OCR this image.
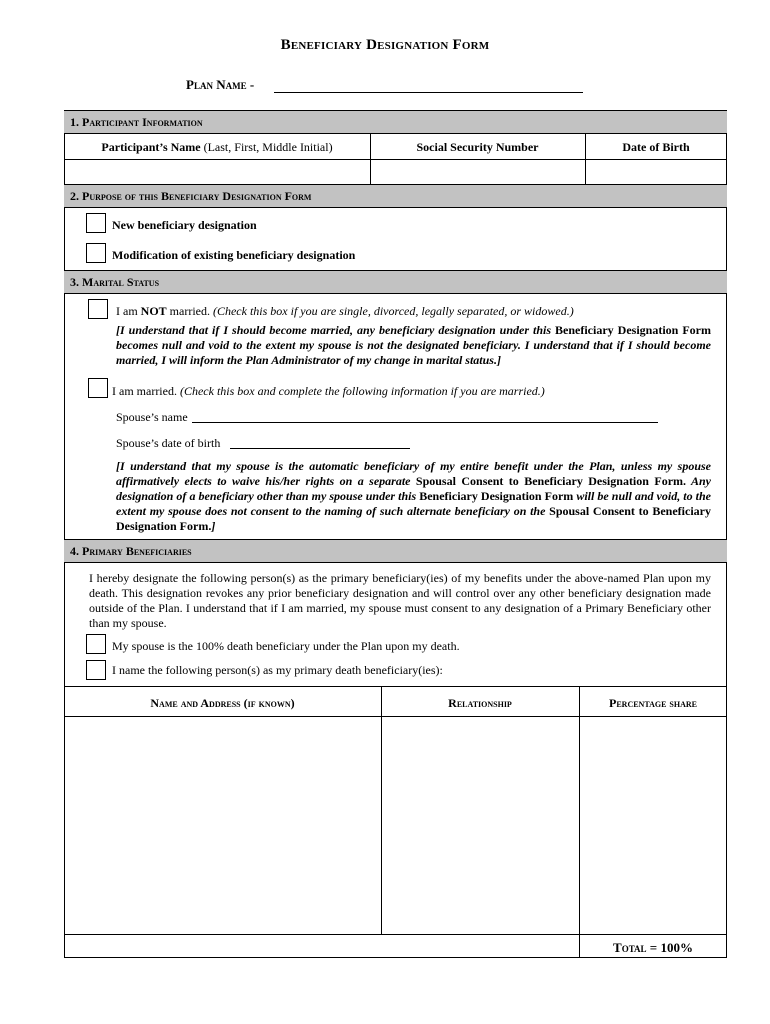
Beneficiary Designation Form
Plan Name -
1. Participant Information
Participant’s Name (Last, First, Middle Initial)	Social Security Number	Date of Birth
2. Purpose of this Beneficiary Designation Form
New beneficiary designation
Modification of existing beneficiary designation
3. Marital Status
I am NOT married. (Check this box if you are single, divorced, legally separated, or widowed.)
[I understand that if I should become married, any beneficiary designation under this Beneficiary Designation Form becomes null and void to the extent my spouse is not the designated beneficiary. I understand that if I should become married, I will inform the Plan Administrator of my change in marital status.]
I am married. (Check this box and complete the following information if you are married.)
Spouse’s name
Spouse’s date of birth
[I understand that my spouse is the automatic beneficiary of my entire benefit under the Plan, unless my spouse affirmatively elects to waive his/her rights on a separate Spousal Consent to Beneficiary Designation Form. Any designation of a beneficiary other than my spouse under this Beneficiary Designation Form will be null and void, to the extent my spouse does not consent to the naming of such alternate beneficiary on the Spousal Consent to Beneficiary Designation Form.]
4. Primary Beneficiaries
I hereby designate the following person(s) as the primary beneficiary(ies) of my benefits under the above-named Plan upon my death. This designation revokes any prior beneficiary designation and will control over any other beneficiary designation made outside of the Plan. I understand that if I am married, my spouse must consent to any designation of a Primary Beneficiary other than my spouse.
My spouse is the 100% death beneficiary under the Plan upon my death.
I name the following person(s) as my primary death beneficiary(ies):
Name and Address (if known)	Relationship	Percentage share
Total = 100%
